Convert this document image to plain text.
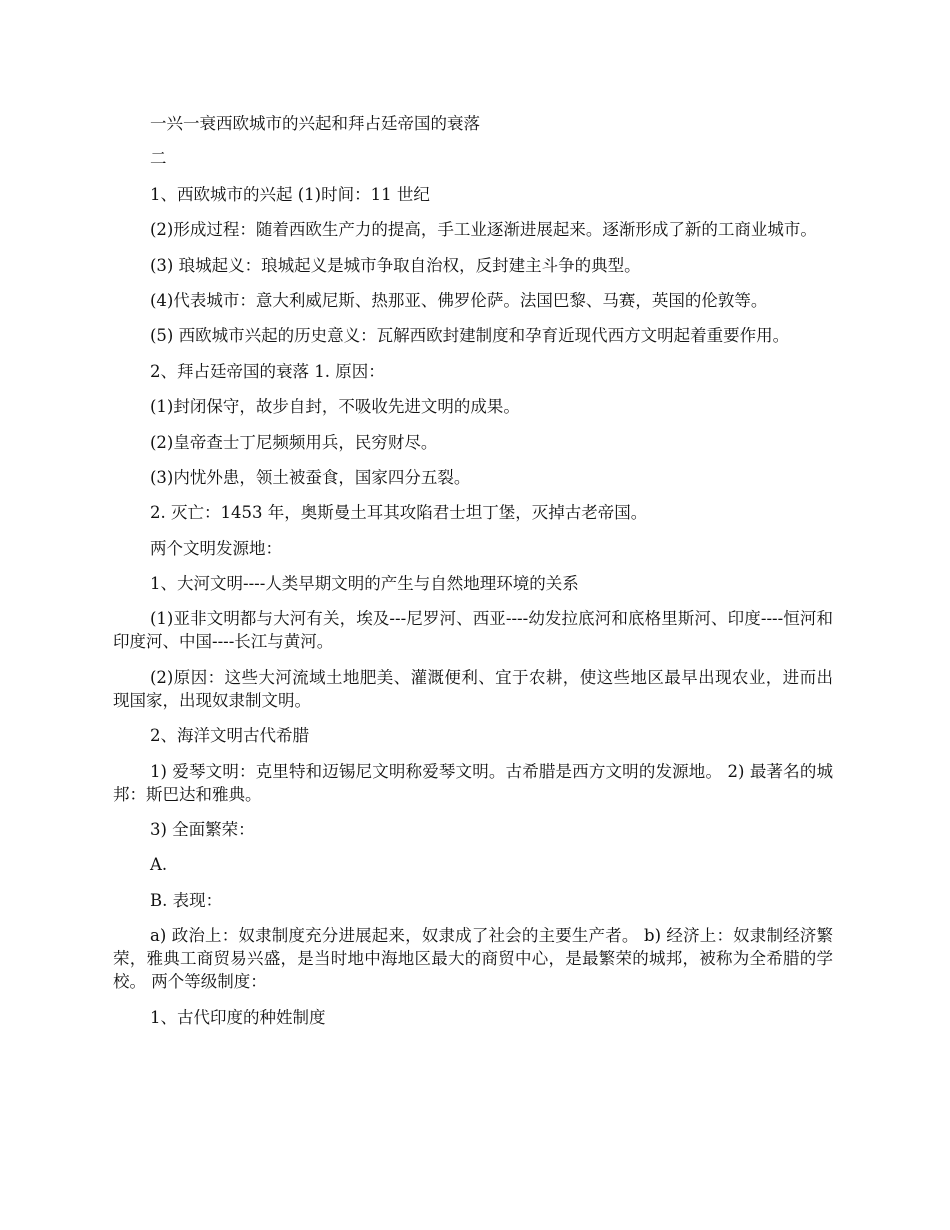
一兴一衰西欧城市的兴起和拜占廷帝国的衰落

二

1、西欧城市的兴起 (1)时间：11 世纪

(2)形成过程：随着西欧生产力的提高，手工业逐渐进展起来。逐渐形成了新的工商业城市。

(3) 琅城起义：琅城起义是城市争取自治权，反封建主斗争的典型。

(4)代表城市：意大利威尼斯、热那亚、佛罗伦萨。法国巴黎、马赛，英国的伦敦等。

(5) 西欧城市兴起的历史意义：瓦解西欧封建制度和孕育近现代西方文明起着重要作用。

2、拜占廷帝国的衰落 1. 原因：

(1)封闭保守，故步自封，不吸收先进文明的成果。

(2)皇帝查士丁尼频频用兵，民穷财尽。

(3)内忧外患，领土被蚕食，国家四分五裂。

2. 灭亡：1453 年，奥斯曼土耳其攻陷君士坦丁堡，灭掉古老帝国。

两个文明发源地：

1、大河文明----人类早期文明的产生与自然地理环境的关系

(1)亚非文明都与大河有关，埃及---尼罗河、西亚----幼发拉底河和底格里斯河、印度----恒河和印度河、中国----长江与黄河。

(2)原因：这些大河流域土地肥美、灌溉便利、宜于农耕，使这些地区最早出现农业，进而出现国家，出现奴隶制文明。

2、海洋文明古代希腊

1) 爱琴文明：克里特和迈锡尼文明称爱琴文明。古希腊是西方文明的发源地。 2) 最著名的城邦：斯巴达和雅典。

3) 全面繁荣：

A.

B. 表现：

a) 政治上：奴隶制度充分进展起来，奴隶成了社会的主要生产者。 b) 经济上：奴隶制经济繁荣，雅典工商贸易兴盛，是当时地中海地区最大的商贸中心，是最繁荣的城邦，被称为全希腊的学校。 两个等级制度：

1、古代印度的种姓制度
